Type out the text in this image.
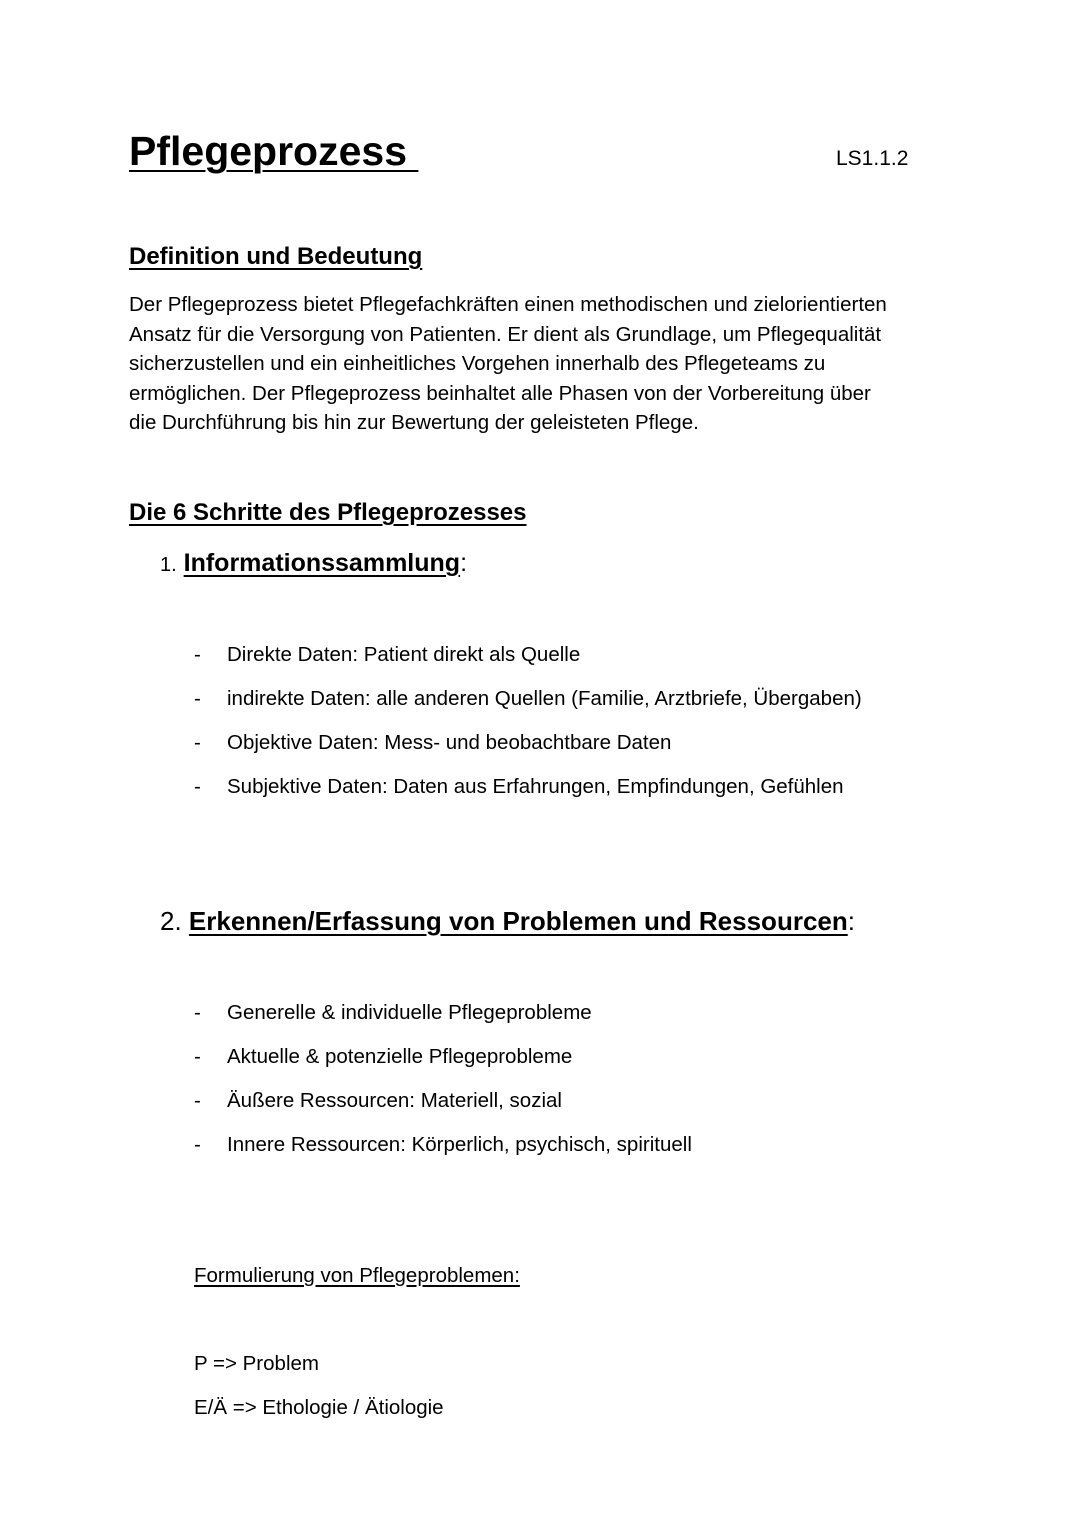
Pflegeprozess	LS1.1.2
Definition und Bedeutung
Der Pflegeprozess bietet Pflegefachkräften einen methodischen und zielorientierten
Ansatz für die Versorgung von Patienten. Er dient als Grundlage, um Pflegequalität
sicherzustellen und ein einheitliches Vorgehen innerhalb des Pflegeteams zu
ermöglichen. Der Pflegeprozess beinhaltet alle Phasen von der Vorbereitung über
die Durchführung bis hin zur Bewertung der geleisteten Pflege.
Die 6 Schritte des Pflegeprozesses
1. Informationssammlung:
- Direkte Daten: Patient direkt als Quelle
- indirekte Daten: alle anderen Quellen (Familie, Arztbriefe, Übergaben)
- Objektive Daten: Mess- und beobachtbare Daten
- Subjektive Daten: Daten aus Erfahrungen, Empfindungen, Gefühlen
2. Erkennen/Erfassung von Problemen und Ressourcen:
- Generelle & individuelle Pflegeprobleme
- Aktuelle & potenzielle Pflegeprobleme
- Äußere Ressourcen: Materiell, sozial
- Innere Ressourcen: Körperlich, psychisch, spirituell
Formulierung von Pflegeproblemen:
P => Problem
E/Ä => Ethologie / Ätiologie
